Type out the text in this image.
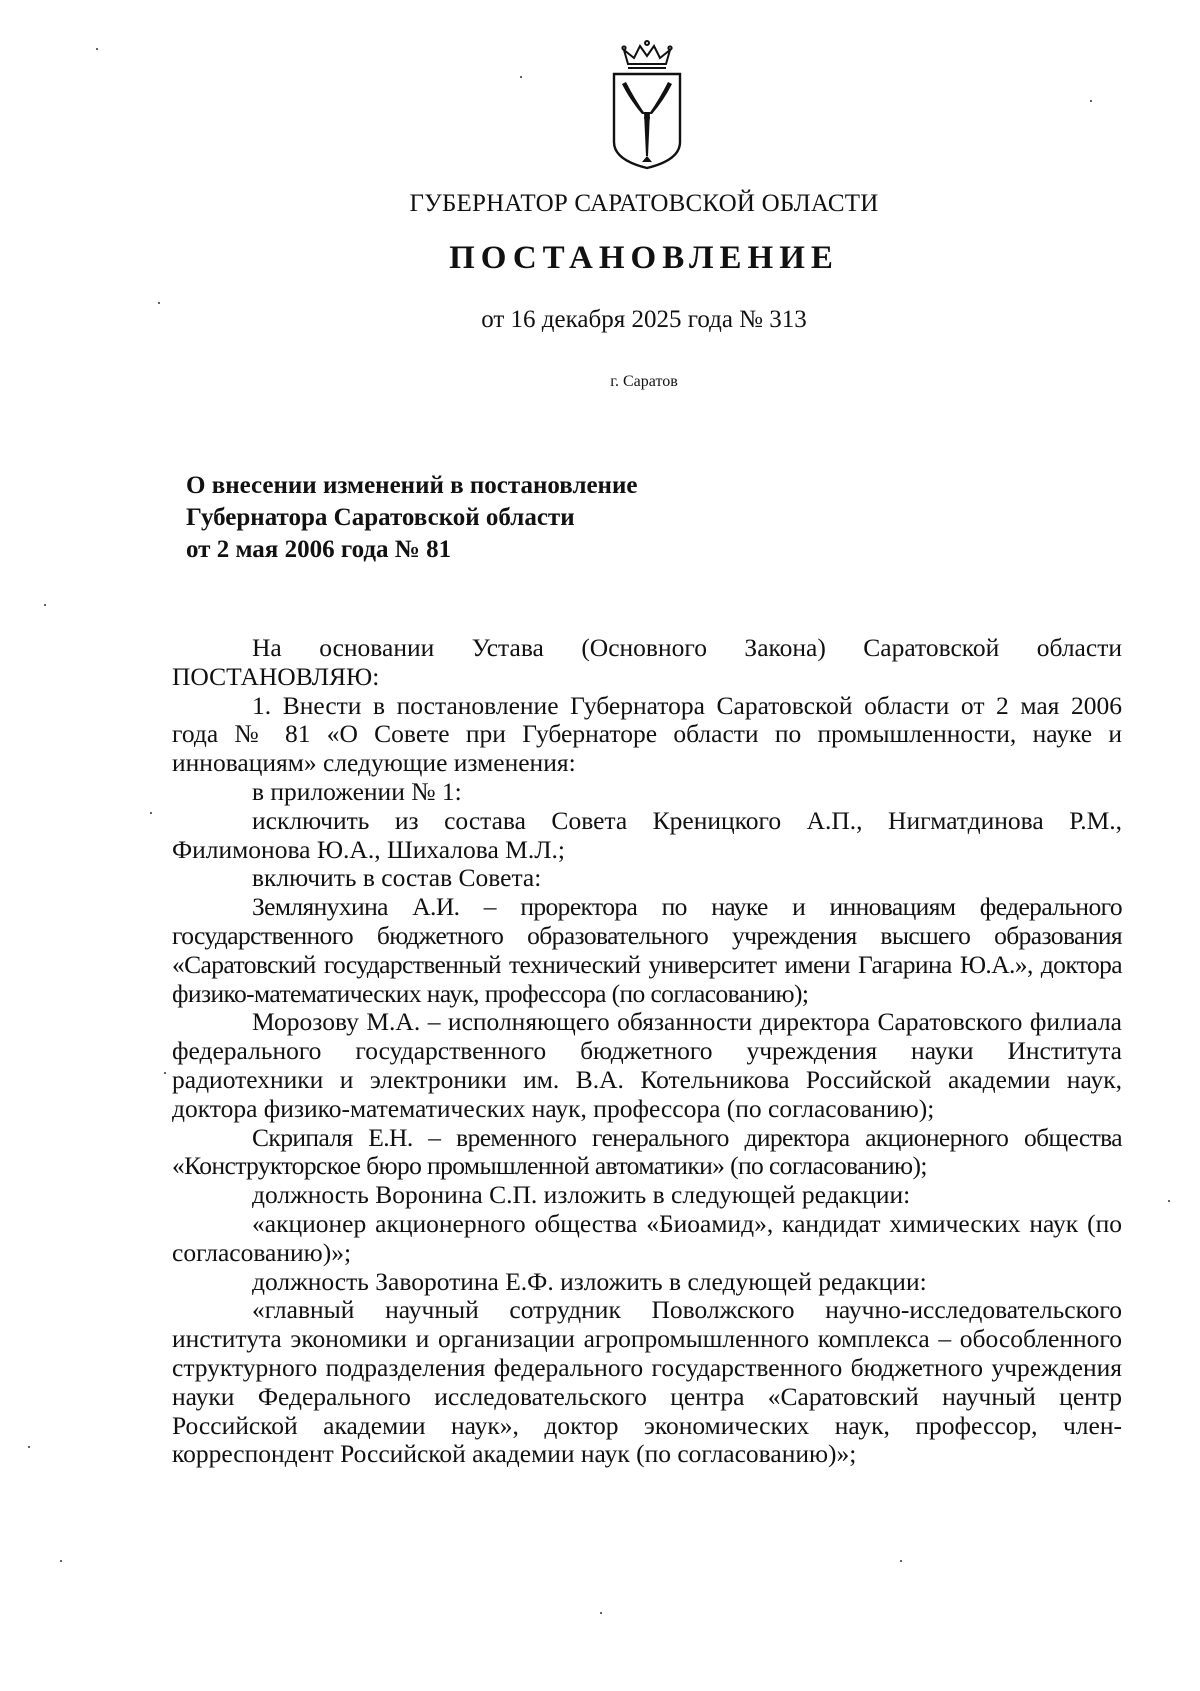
ГУБЕРНАТОР САРАТОВСКОЙ ОБЛАСТИ
ПОСТАНОВЛЕНИЕ
от 16 декабря 2025 года № 313
г. Саратов
О внесении изменений в постановление
Губернатора Саратовской области
от 2 мая 2006 года № 81

На основании Устава (Основного Закона) Саратовской области ПОСТАНОВЛЯЮ:

1. Внести в постановление Губернатора Саратовской области от 2 мая 2006 года № 81 «О Совете при Губернаторе области по промышленности, науке и инновациям» следующие изменения:

в приложении № 1:

исключить из состава Совета Креницкого А.П., Нигматдинова Р.М., Филимонова Ю.А., Шихалова М.Л.;

включить в состав Совета:

Землянухина А.И. – проректора по науке и инновациям федерального государственного бюджетного образовательного учреждения высшего образования «Саратовский государственный технический университет имени Гагарина Ю.А.», доктора физико-математических наук, профессора (по согласованию);

Морозову М.А. – исполняющего обязанности директора Саратовского филиала федерального государственного бюджетного учреждения науки Института радиотехники и электроники им. В.А. Котельникова Российской академии наук, доктора физико-математических наук, профессора (по согласованию);

Скрипаля Е.Н. – временного генерального директора акционерного общества «Конструкторское бюро промышленной автоматики» (по согласованию);

должность Воронина С.П. изложить в следующей редакции:

«акционер акционерного общества «Биоамид», кандидат химических наук (по согласованию)»;

должность Заворотина Е.Ф. изложить в следующей редакции:

«главный научный сотрудник Поволжского научно-исследовательского института экономики и организации агропромышленного комплекса – обособленного структурного подразделения федерального государственного бюджетного учреждения науки Федерального исследовательского центра «Саратовский научный центр Российской академии наук», доктор экономических наук, профессор, член-корреспондент Российской академии наук (по согласованию)»;
